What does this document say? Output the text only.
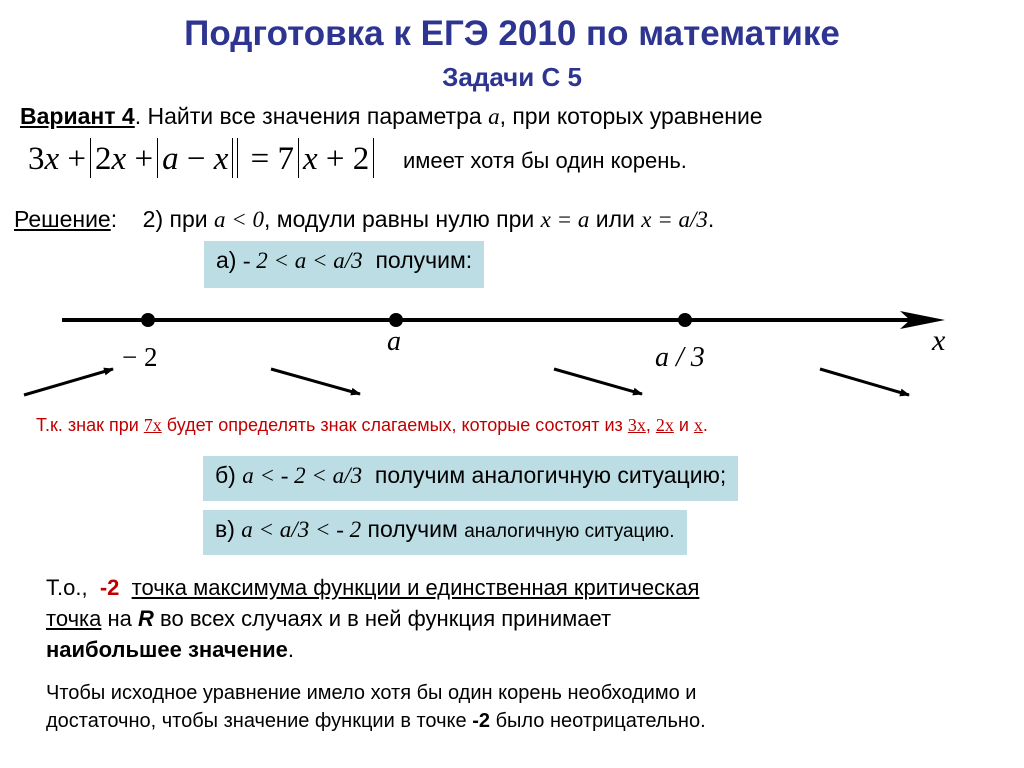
Подготовка к ЕГЭ 2010 по математике
Задачи С 5
Вариант 4. Найти все значения параметра a, при которых уравнение
3x + 2x + a − x = 7 x + 2	имеет хотя бы один корень.
Решение: 2) при a < 0, модули равны нулю при x = a или x = a/3.
а) - 2 < a < a/3 получим:
− 2	a
a / 3
x
Т.к. знак при 7x будет определять знак слагаемых, которые состоят из 3x, 2x и x.
б) a < - 2 < a/3 получим аналогичную ситуацию;
в) a < a/3 < - 2 получим аналогичную ситуацию.
Т.о., -2 точка максимума функции и единственная критическая
точка на R во всех случаях и в ней функция принимает
наибольшее значение.
Чтобы исходное уравнение имело хотя бы один корень необходимо и
достаточно, чтобы значение функции в точке -2 было неотрицательно.
